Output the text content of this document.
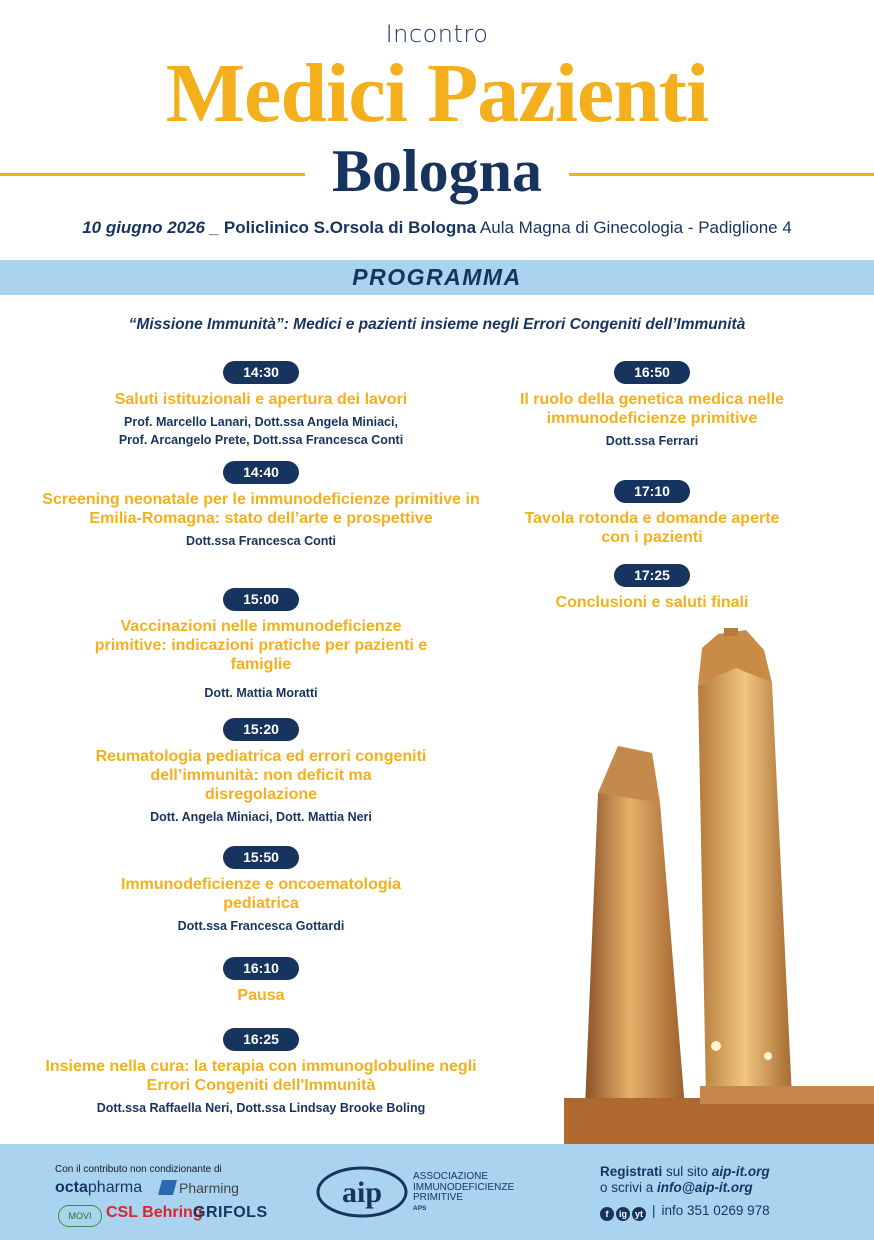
Incontro
Medici Pazienti
Bologna
10 giugno 2026 _ Policlinico S.Orsola di Bologna Aula Magna di Ginecologia - Padiglione 4
PROGRAMMA
“Missione Immunità”: Medici e pazienti insieme negli Errori Congeniti dell’Immunità
14:30
Saluti istituzionali e apertura dei lavori
Prof. Marcello Lanari, Dott.ssa Angela Miniaci,
Prof. Arcangelo Prete, Dott.ssa Francesca Conti
14:40
Screening neonatale per le immunodeficienze primitive in Emilia-Romagna: stato dell’arte e prospettive
Dott.ssa Francesca Conti
15:00
Vaccinazioni nelle immunodeficienze primitive: indicazioni pratiche per pazienti e famiglie
Dott. Mattia Moratti
15:20
Reumatologia pediatrica ed errori congeniti dell’immunità: non deficit ma disregolazione
Dott. Angela Miniaci, Dott. Mattia Neri
15:50
Immunodeficienze e oncoematologia pediatrica
Dott.ssa Francesca Gottardi
16:10
Pausa
16:25
Insieme nella cura: la terapia con immunoglobuline negli Errori Congeniti dell'Immunità
Dott.ssa Raffaella Neri, Dott.ssa Lindsay Brooke Boling
16:50
Il ruolo della genetica medica nelle immunodeficienze primitive
Dott.ssa Ferrari
17:10
Tavola rotonda e domande aperte con i pazienti
17:25
Conclusioni e saluti finali
Con il contributo non condizionante di
octapharma	Pharming
MOVI CSL Behring
GRIFOLS
aip	ASSOCIAZIONE
IMMUNODEFICIENZE
PRIMITIVE
APS
Registrati sul sito aip-it.org
o scrivi a info@aip-it.org
f ig yt | info 351 0269 978
